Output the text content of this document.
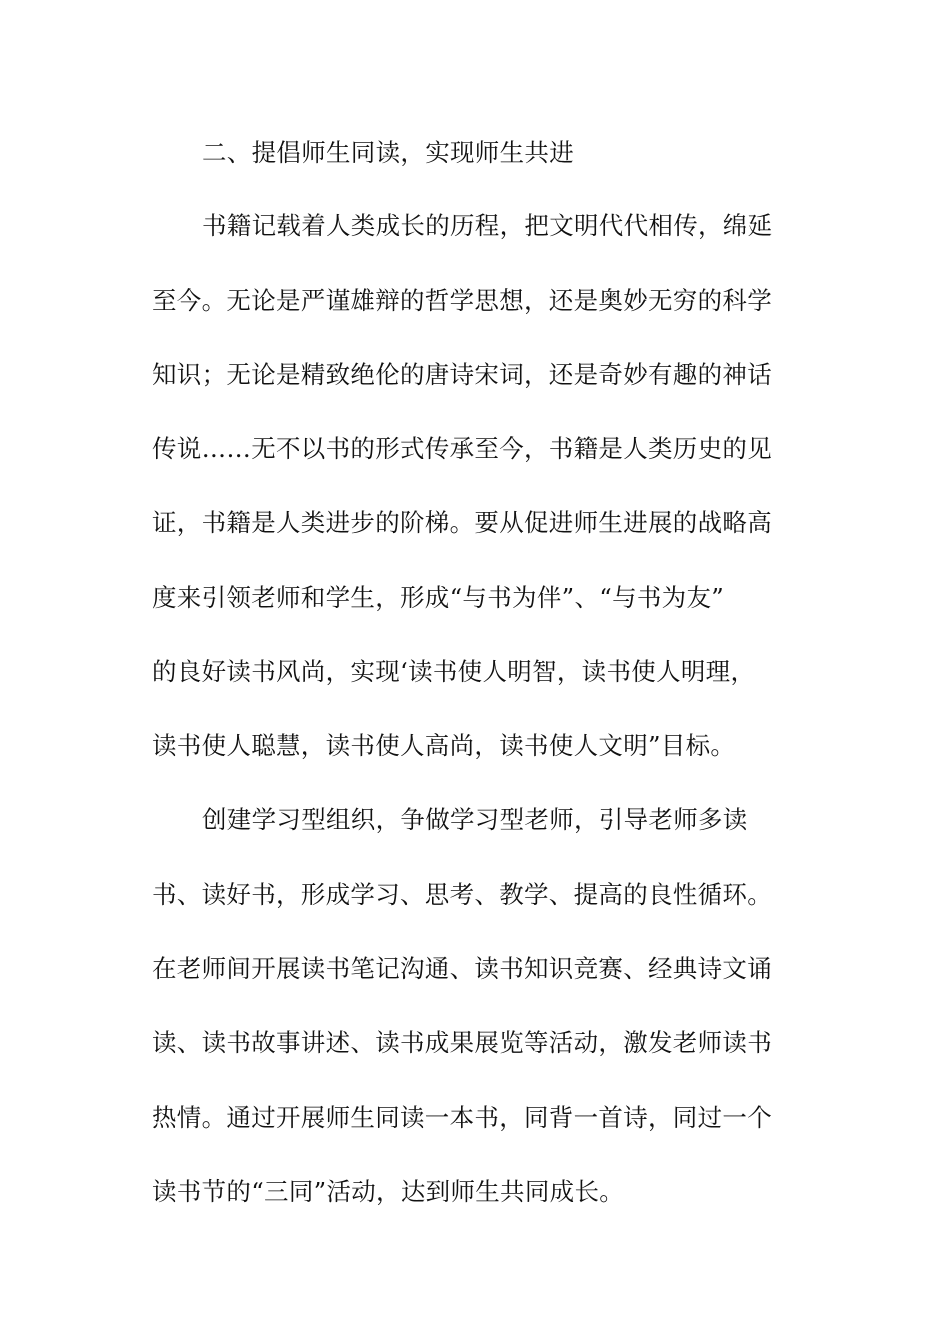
二、提倡师生同读，实现师生共进
书籍记载着人类成长的历程，把文明代代相传，绵延
至今。无论是严谨雄辩的哲学思想，还是奥妙无穷的科学
知识；无论是精致绝伦的唐诗宋词，还是奇妙有趣的神话
传说……无不以书的形式传承至今，书籍是人类历史的见
证，书籍是人类进步的阶梯。要从促进师生进展的战略高
度来引领老师和学生，形成“与书为伴”、“与书为友”
的良好读书风尚，实现‘读书使人明智，读书使人明理，
读书使人聪慧，读书使人高尚，读书使人文明”目标。
创建学习型组织，争做学习型老师，引导老师多读
书、读好书，形成学习、思考、教学、提高的良性循环。
在老师间开展读书笔记沟通、读书知识竞赛、经典诗文诵
读、读书故事讲述、读书成果展览等活动，激发老师读书
热情。通过开展师生同读一本书，同背一首诗，同过一个
读书节的“三同”活动，达到师生共同成长。
